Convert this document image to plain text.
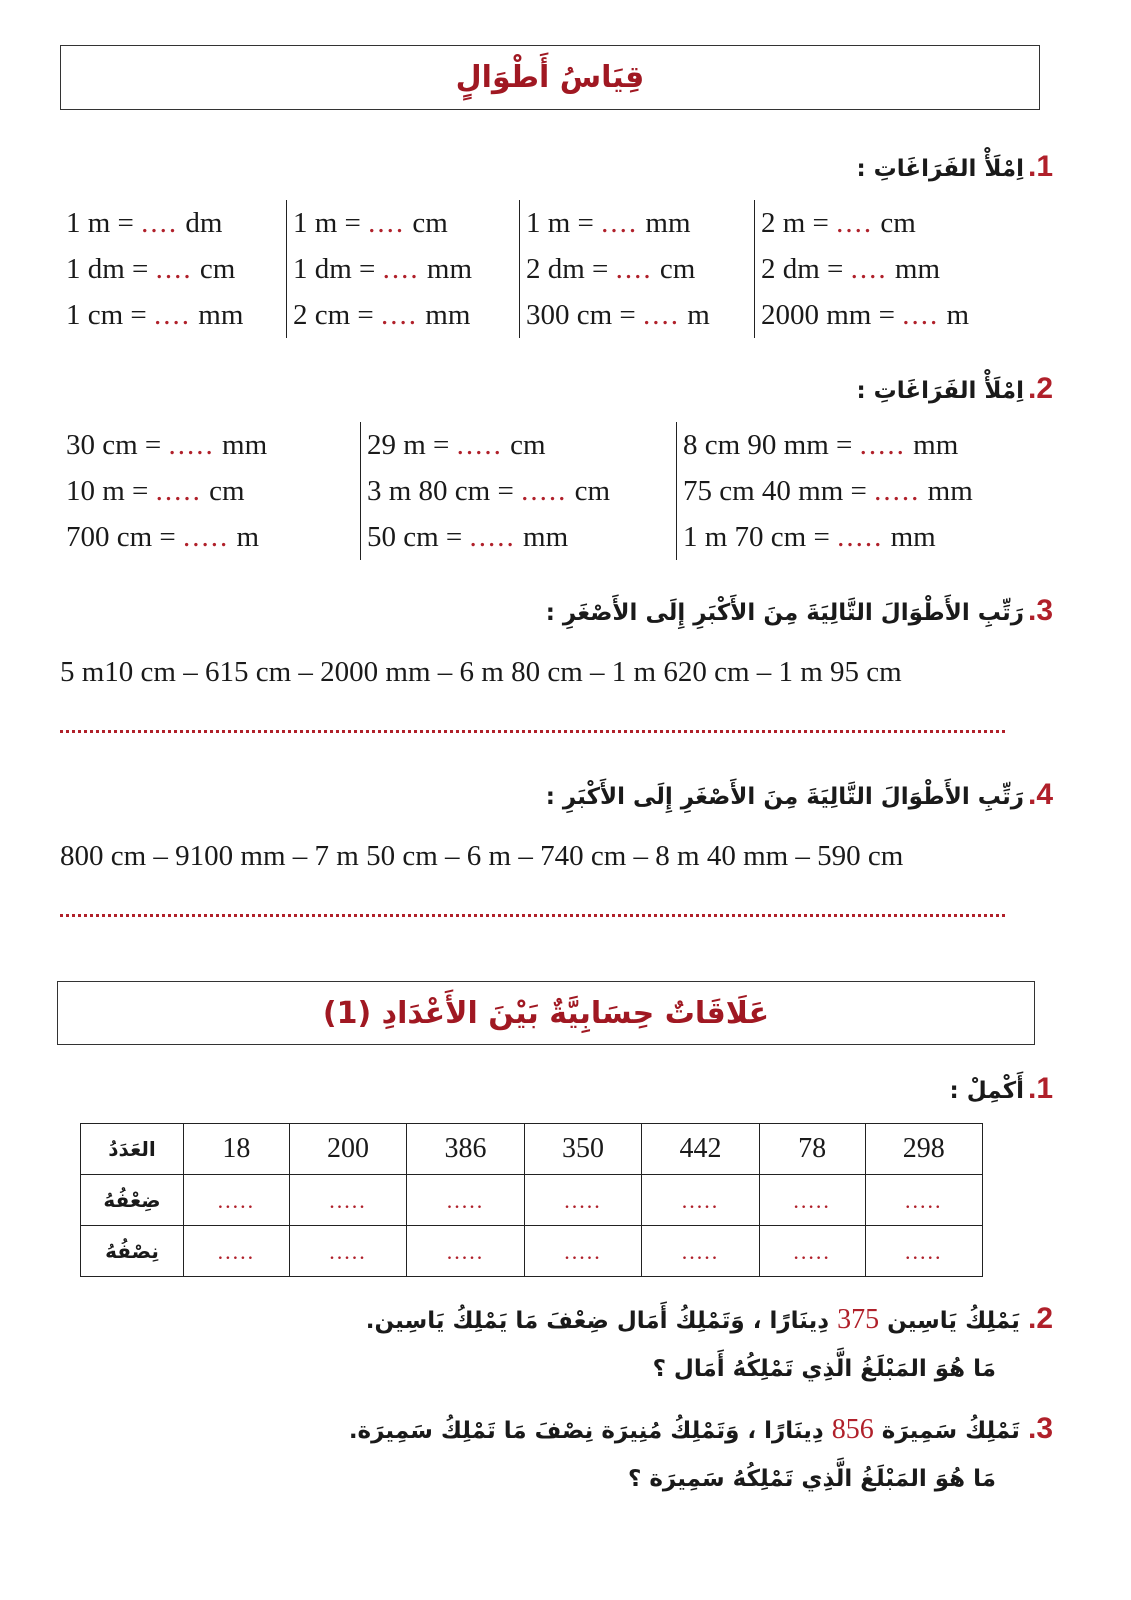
قِيَاسُ أَطْوَالٍ
1 .
اِمْلَأْ الفَرَاغَاتِ :
1 m = .... dm
1 dm = .... cm
1 cm = .... mm
1 m = .... cm
1 dm = .... mm
2 cm = .... mm
1 m = .... mm
2 dm = .... cm
300 cm = .... m
2 m = .... cm
2 dm = .... mm
2000 mm = .... m
2 .
اِمْلَأْ الفَرَاغَاتِ :
30 cm = ..... mm
10 m = ..... cm
700 cm = ..... m
29 m = ..... cm
3 m 80 cm = ..... cm
50 cm = ..... mm
8 cm 90 mm = ..... mm
75 cm 40 mm = ..... mm
1 m 70 cm = ..... mm
3 .
رَتِّبِ الأَطْوَالَ التَّالِيَةَ مِنَ الأَكْبَرِ إِلَى الأَصْغَرِ :
5 m10 cm – 615 cm – 2000 mm – 6 m 80 cm – 1 m 620 cm – 1 m 95 cm
4 .
رَتِّبِ الأَطْوَالَ التَّالِيَةَ مِنَ الأَصْغَرِ إِلَى الأَكْبَرِ :
800 cm – 9100 mm – 7 m 50 cm – 6 m – 740 cm – 8 m 40 mm – 590 cm
عَلَاقَاتٌ حِسَابِيَّةٌ بَيْنَ الأَعْدَادِ (1)
1 .
أَكْمِلْ :
العَدَدُ	18	200	386	350	442	78	298
ضِعْفُهُ	.....	.....	.....	.....	.....	.....	.....
نِصْفُهُ	.....	.....	.....	.....	.....	.....	.....
2 . يَمْلِكُ يَاسِين 375 دِينَارًا ، وَتَمْلِكُ أَمَال ضِعْفَ مَا يَمْلِكُ يَاسِين.
مَا هُوَ المَبْلَغُ الَّذِي تَمْلِكُهُ أَمَال ؟
3 . تَمْلِكُ سَمِيرَة 856 دِينَارًا ، وَتَمْلِكُ مُنِيرَة نِصْفَ مَا تَمْلِكُ سَمِيرَة.
مَا هُوَ المَبْلَغُ الَّذِي تَمْلِكُهُ سَمِيرَة ؟
